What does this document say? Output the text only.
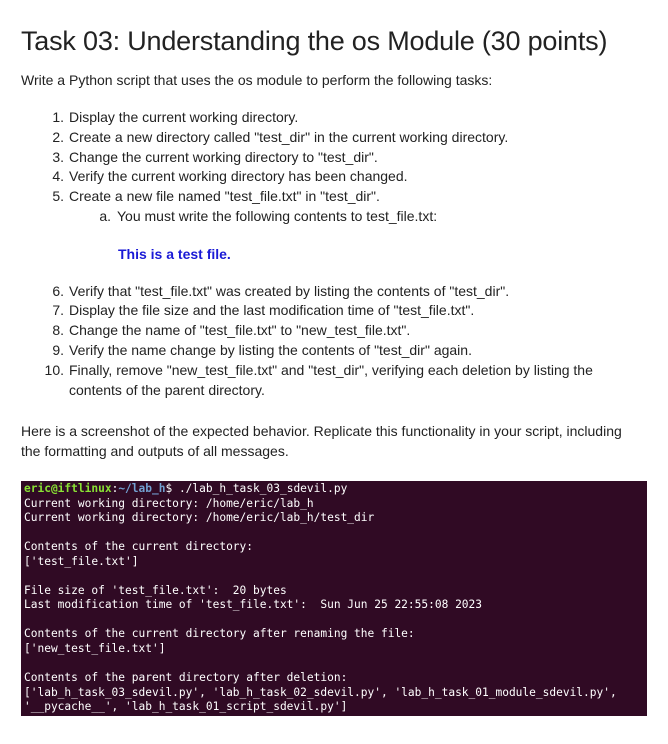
Task 03: Understanding the os Module (30 points)

Write a Python script that uses the os module to perform the following tasks:

1. Display the current working directory.
2. Create a new directory called "test_dir" in the current working directory.
3. Change the current working directory to "test_dir".
4. Verify the current working directory has been changed.
5. Create a new file named "test_file.txt" in "test_dir".
a. You must write the following contents to test_file.txt:
This is a test file.
6. Verify that "test_file.txt" was created by listing the contents of "test_dir".
7. Display the file size and the last modification time of "test_file.txt".
8. Change the name of "test_file.txt" to "new_test_file.txt".
9. Verify the name change by listing the contents of "test_dir" again.
10. Finally, remove "new_test_file.txt" and "test_dir", verifying each deletion by listing the contents of the parent directory.

Here is a screenshot of the expected behavior. Replicate this functionality in your script, including the formatting and outputs of all messages.

eric@iftlinux:~/lab_h$ ./lab_h_task_03_sdevil.py
Current working directory: /home/eric/lab_h
Current working directory: /home/eric/lab_h/test_dir
Contents of the current directory:
['test_file.txt']
File size of 'test_file.txt':  20 bytes
Last modification time of 'test_file.txt':  Sun Jun 25 22:55:08 2023
Contents of the current directory after renaming the file:
['new_test_file.txt']
Contents of the parent directory after deletion:
['lab_h_task_03_sdevil.py', 'lab_h_task_02_sdevil.py', 'lab_h_task_01_module_sdevil.py',
'__pycache__', 'lab_h_task_01_script_sdevil.py']
